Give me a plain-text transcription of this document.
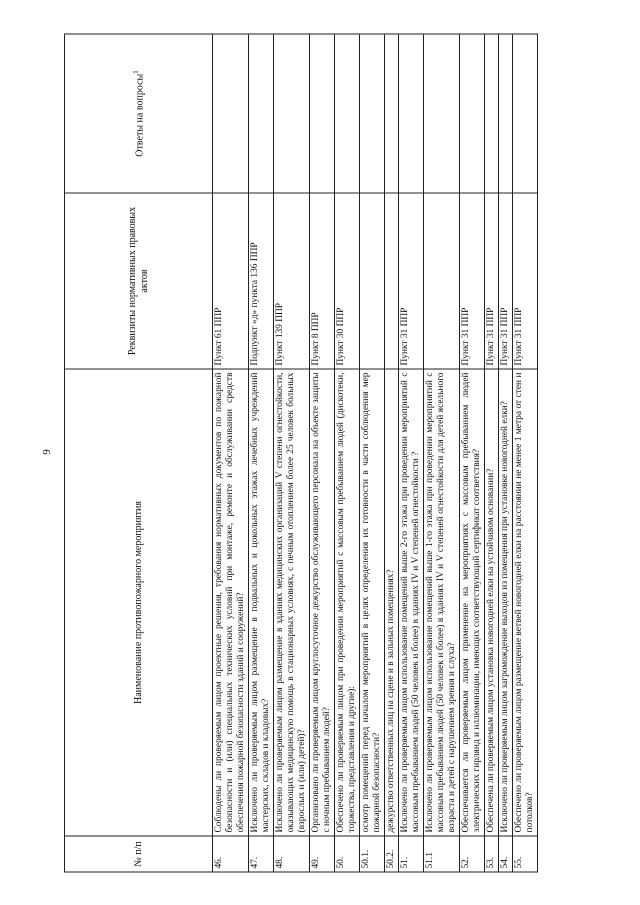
9
№ п/п	Наименование противопожарного мероприятия	Реквизиты нормативных правовых актов	Ответы на вопросы$^1$
46.	Соблюдены ли проверяемым лицом проектные решения, требования нормативных документов по пожарной безопасности и (или) специальных технических условий при монтаже, ремонте и обслуживании средств обеспечения пожарной безопасности зданий и сооружений?	Пункт 61 ППР	
47.	Исключено ли проверяемым лицом размещение в подвальных и цокольных этажах лечебных учреждений мастерских, складов и кладовых?	Подпункт «д» пункта 136 ППР	
48.	Исключено ли проверяемым лицом размещение в зданиях медицинских организаций V степени огнестойкости, оказывающих медицинскую помощь в стационарных условиях, с печным отоплением более 25 человек больных (взрослых и (или) детей)?	Пункт 139 ППР	
49.	Организовано ли проверяемым лицом круглосуточное дежурство обслуживающего персонала на объекте защиты с ночным пребыванием людей?	Пункт 8 ППР	
50.	Обеспечено ли проверяемым лицом при проведении мероприятий с массовым пребыванием людей (дискотеки, торжества, представления и другие):	Пункт 30 ППР	
50.1.	осмотр помещений перед началом мероприятий в целях определения их готовности в части соблюдения мер пожарной безопасности?		
50.2.	дежурство ответственных лиц на сцене и в зальных помещениях?		
51.	Исключено ли проверяемым лицом использование помещений выше 2-го этажа при проведении мероприятий с массовым пребыванием людей (50 человек и более) в зданиях IV и V степеней огнестойкости ?	Пункт 31 ППР	
51.1	Исключено ли проверяемым лицом использование помещений выше 1-го этажа при проведении мероприятий с массовым пребыванием людей (50 человек и более) в зданиях IV и V степеней огнестойкости для детей ясельного возраста и детей с нарушением зрения и слуха?		
52.	Обеспечивается ли проверяемым лицом применение на мероприятиях с массовым пребыванием людей электрических гирлянд и иллюминации, имеющих соответствующий сертификат соответствия?	Пункт 31 ППР	
53.	Обеспечена ли проверяемым лицом установка новогодней елки на устойчивом основании?	Пункт 31 ППР	
54.	Исключено ли проверяемым лицом загромождение выходов из помещения при установке новогодней елки?	Пункт 31 ППР	
55.	Обеспечено ли проверяемым лицом размещение ветвей новогодней елки на расстоянии не менее 1 метра от стен и потолков?	Пункт 31 ППР	
